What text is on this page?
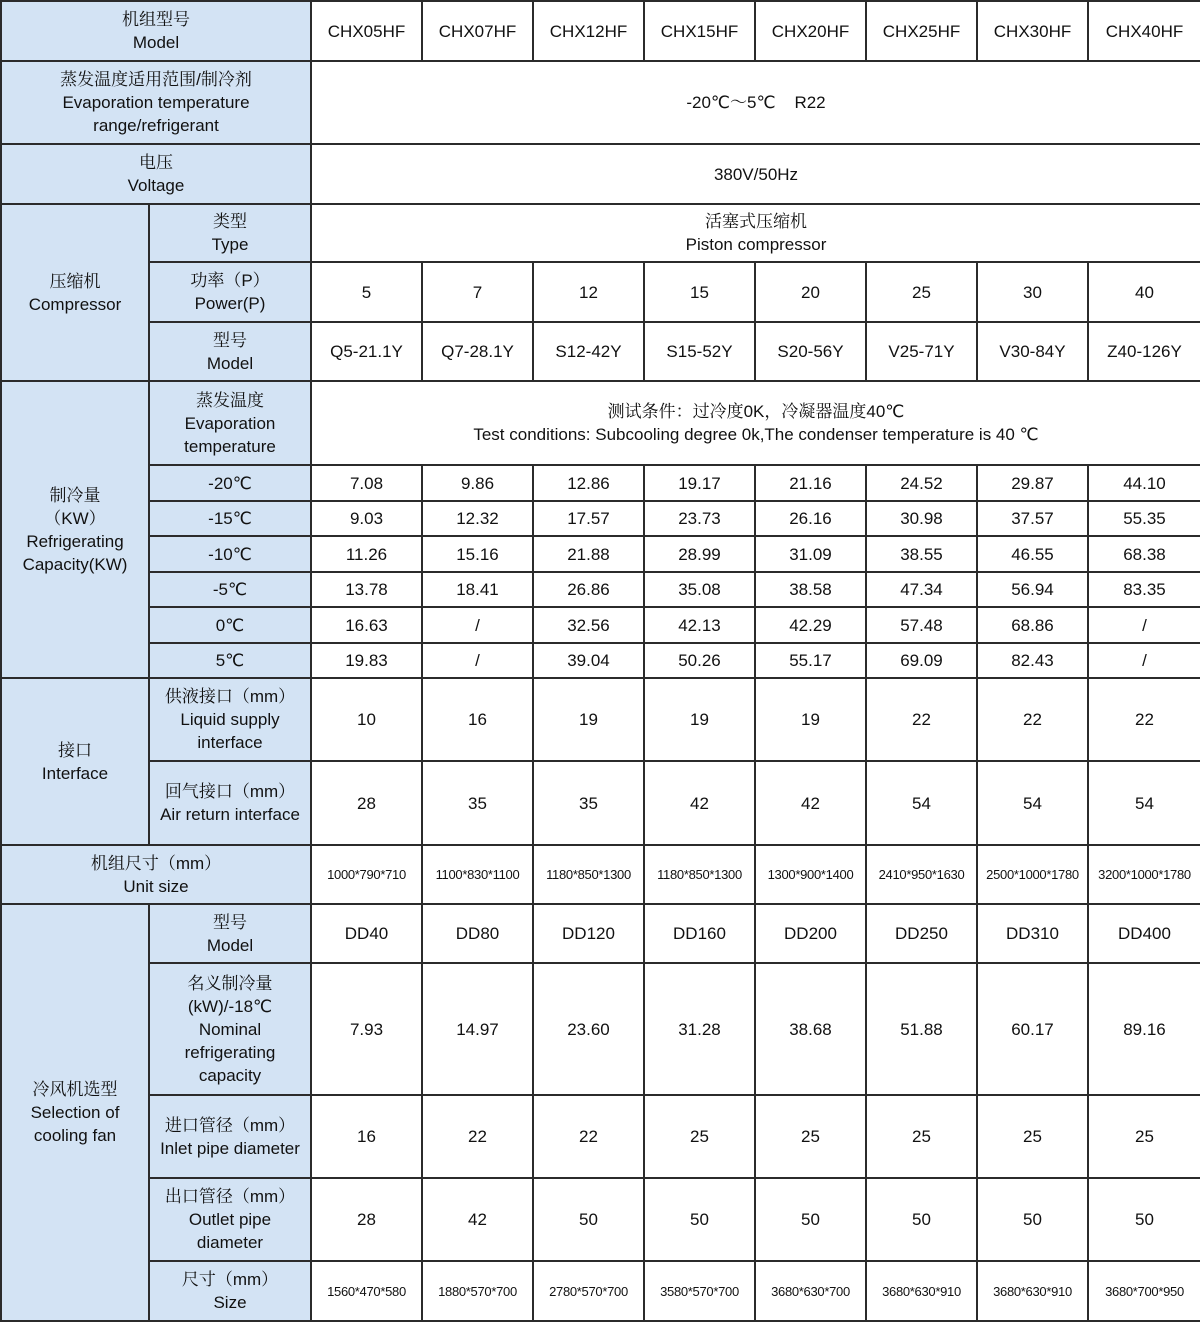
机组型号
Model		CHX05HF	CHX07HF	CHX12HF	CHX15HF	CHX20HF	CHX25HF	CHX30HF	CHX40HF

蒸发温度适用范围/制冷剂
Evaporation temperature range/refrigerant		-20℃～5℃    R22							

电压
Voltage		380V/50Hz							

压缩机
Compressor	类型
Type	活塞式压缩机
Piston compressor							

	功率（P）
Power(P)	5	7	12	15	20	25	30	40

	型号
Model	Q5-21.1Y	Q7-28.1Y	S12-42Y	S15-52Y	S20-56Y	V25-71Y	V30-84Y	Z40-126Y

制冷量
（KW）
Refrigerating
Capacity(KW)	蒸发温度
Evaporation temperature	测试条件：过冷度0K，冷凝器温度40℃
Test conditions: Subcooling degree 0k,The condenser temperature is 40 ℃							

	-20℃	7.08	9.86	12.86	19.17	21.16	24.52	29.87	44.10
	-15℃	9.03	12.32	17.57	23.73	26.16	30.98	37.57	55.35
	-10℃	11.26	15.16	21.88	28.99	31.09	38.55	46.55	68.38
	-5℃	13.78	18.41	26.86	35.08	38.58	47.34	56.94	83.35
	0℃	16.63	/	32.56	42.13	42.29	57.48	68.86	/
	5℃	19.83	/	39.04	50.26	55.17	69.09	82.43	/

接口
Interface	供液接口（mm）
Liquid supply interface	10	16	19	19	19	22	22	22

	回气接口（mm）
Air return interface	28	35	35	42	42	54	54	54

机组尺寸（mm）
Unit size		1000*790*710	1100*830*1100	1180*850*1300	1180*850*1300	1300*900*1400	2410*950*1630	2500*1000*1780	3200*1000*1780

冷风机选型
Selection of cooling fan	型号
Model	DD40	DD80	DD120	DD160	DD200	DD250	DD310	DD400

	名义制冷量(kW)/-18℃
Nominal refrigerating capacity	7.93	14.97	23.60	31.28	38.68	51.88	60.17	89.16

	进口管径（mm）
Inlet pipe diameter	16	22	22	25	25	25	25	25

	出口管径（mm）
Outlet pipe diameter	28	42	50	50	50	50	50	50

	尺寸（mm）
Size	1560*470*580	1880*570*700	2780*570*700	3580*570*700	3680*630*700	3680*630*910	3680*630*910	3680*700*950
